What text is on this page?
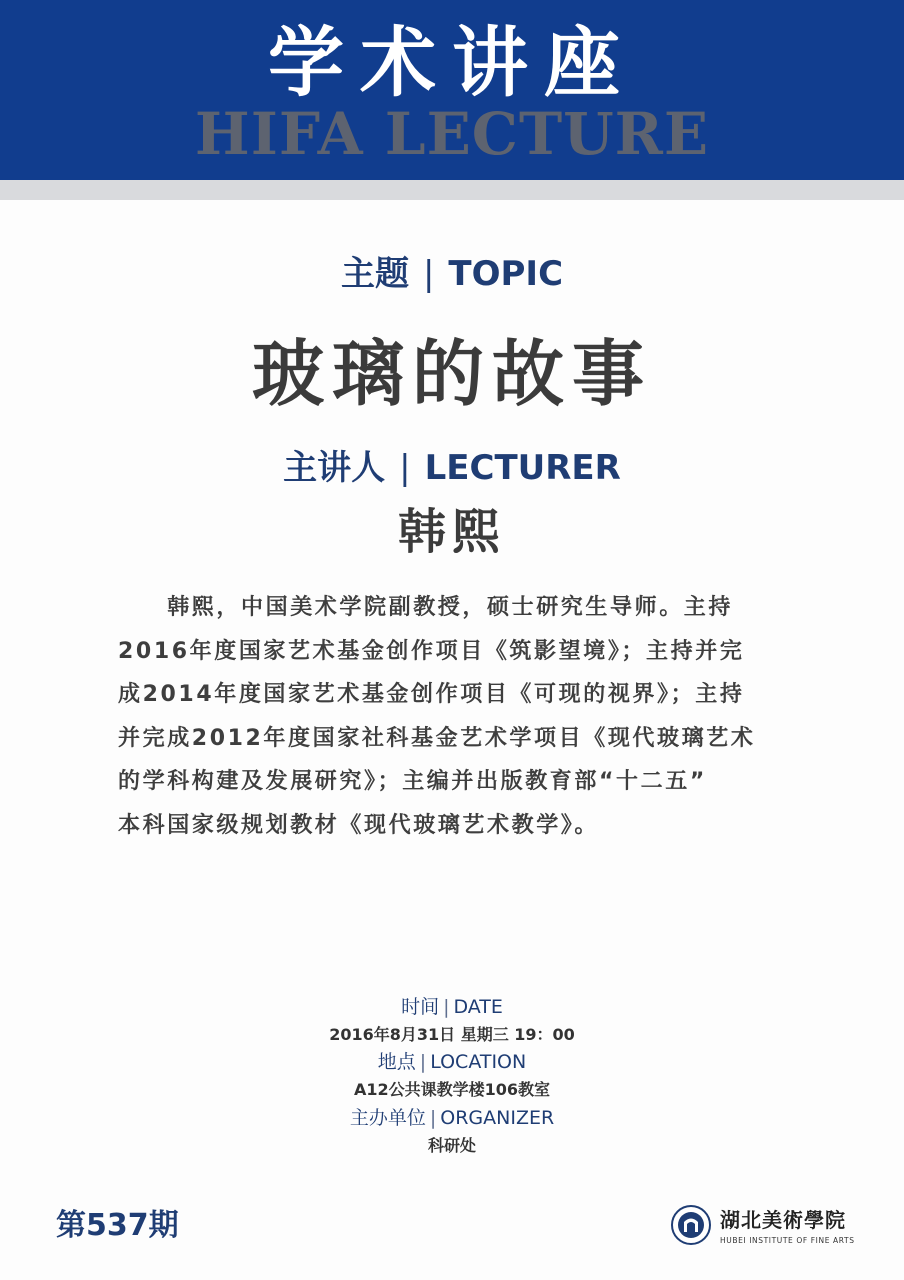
学术讲座
HIFA LECTURE
主题 | TOPIC
玻璃的故事
主讲人 | LECTURER
韩熙

　　韩熙，中国美术学院副教授，硕士研究生导师。主持
2016年度国家艺术基金创作项目《筑影望境》；主持并完
成2014年度国家艺术基金创作项目《可现的视界》；主持
并完成2012年度国家社科基金艺术学项目《现代玻璃艺术
的学科构建及发展研究》；主编并出版教育部“十二五”
本科国家级规划教材《现代玻璃艺术教学》。

时间 | DATE
2016年8月31日 星期三 19：00
地点 | LOCATION
A12公共课教学楼106教室
主办单位 | ORGANIZER
科研处
第537期	湖北美術學院
HUBEI INSTITUTE OF FINE ARTS
